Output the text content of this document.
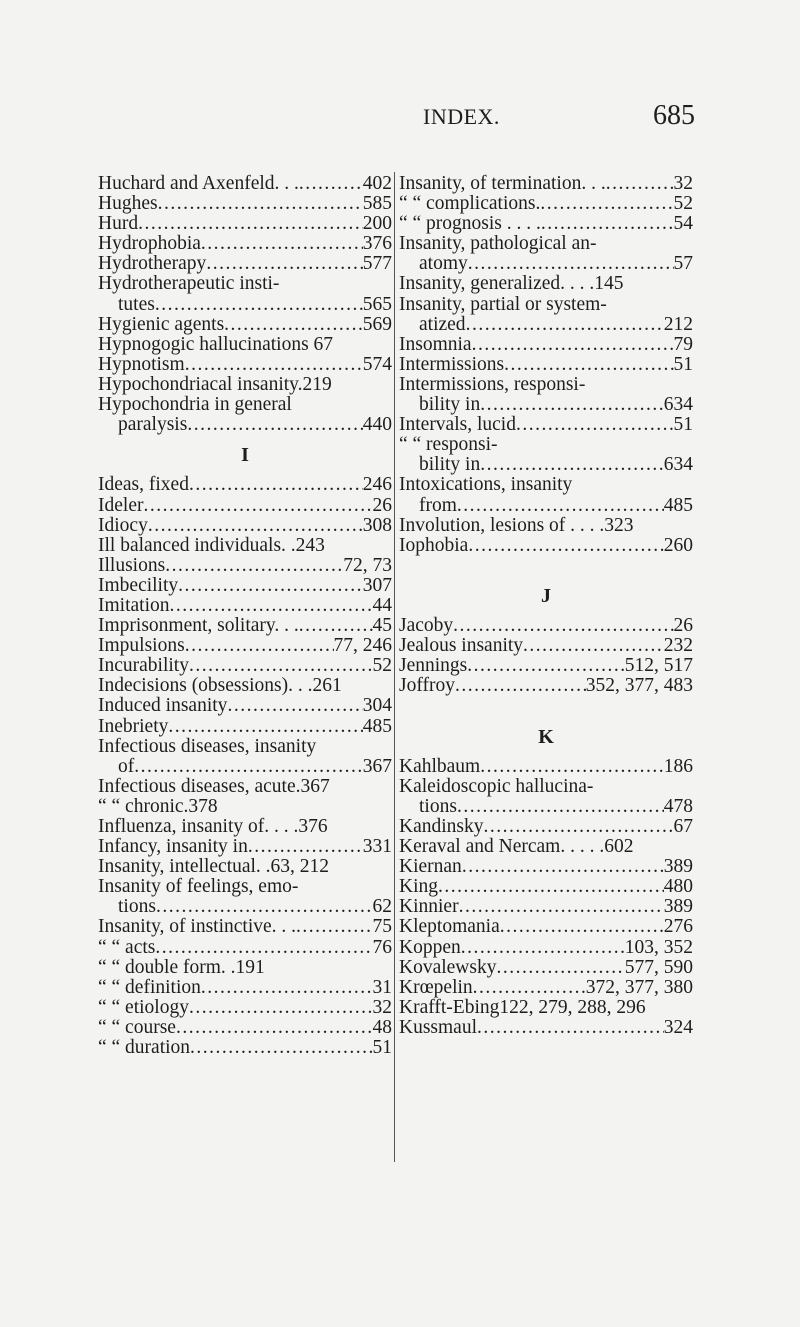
INDEX.	685
Huchard and Axenfeld. . . .....	402
Hughes .....	585
Hurd .....	200
Hydrophobia .....	376
Hydrotherapy .....	577
Hydrotherapeutic insti-
tutes .....	565
Hygienic agents .....	569
Hypnogogic hallucinations 67
Hypnotism .....	574
Hypochondriacal insanity.219
Hypochondria in general
paralysis .....	440
I
Ideas, fixed .....	246
Ideler .....	26
Idiocy .....	308
Ill balanced individuals. .243
Illusions .....	72, 73
Imbecility .....	307
Imitation .....	44
Imprisonment, solitary. . . .....	45
Impulsions .....	77, 246
Incurability .....	52
Indecisions (obsessions). . .261
Induced insanity .....	304
Inebriety .....	485
Infectious diseases, insanity
of .....	367
Infectious diseases, acute.367
“ “ chronic.378
Influenza, insanity of. . . .376
Infancy, insanity in .....	331
Insanity, intellectual. .63, 212
Insanity of feelings, emo-
tions .....	62
Insanity, of instinctive. . . .....	75
“ “ acts .....	76
“ “ double form. .191
“ “ definition .....	31
“ “ etiology .....	32
“ “ course .....	48
“ “ duration .....	51
Insanity, of termination. . . .....	32
“ “ complications. .....	52
“ “ prognosis . . . . .....	54
Insanity, pathological an-
atomy .....	57
Insanity, generalized. . . .145
Insanity, partial or system-
atized .....	212
Insomnia .....	79
Intermissions .....	51
Intermissions, responsi-
bility in .....	634
Intervals, lucid .....	51
“ “ responsi-
bility in .....	634
Intoxications, insanity
from .....	485
Involution, lesions of . . . .323
Iophobia .....	260
J
Jacoby .....	26
Jealous insanity .....	232
Jennings .....	512, 517
Joffroy .....	352, 377, 483
K
Kahlbaum .....	186
Kaleidoscopic hallucina-
tions .....	478
Kandinsky .....	67
Keraval and Nercam. . . . .602
Kiernan .....	389
King .....	480
Kinnier .....	389
Kleptomania .....	276
Koppen .....	103, 352
Kovalewsky .....	577, 590
Krœpelin .....	372, 377, 380
Krafft-Ebing122, 279, 288, 296
Kussmaul .....	324
